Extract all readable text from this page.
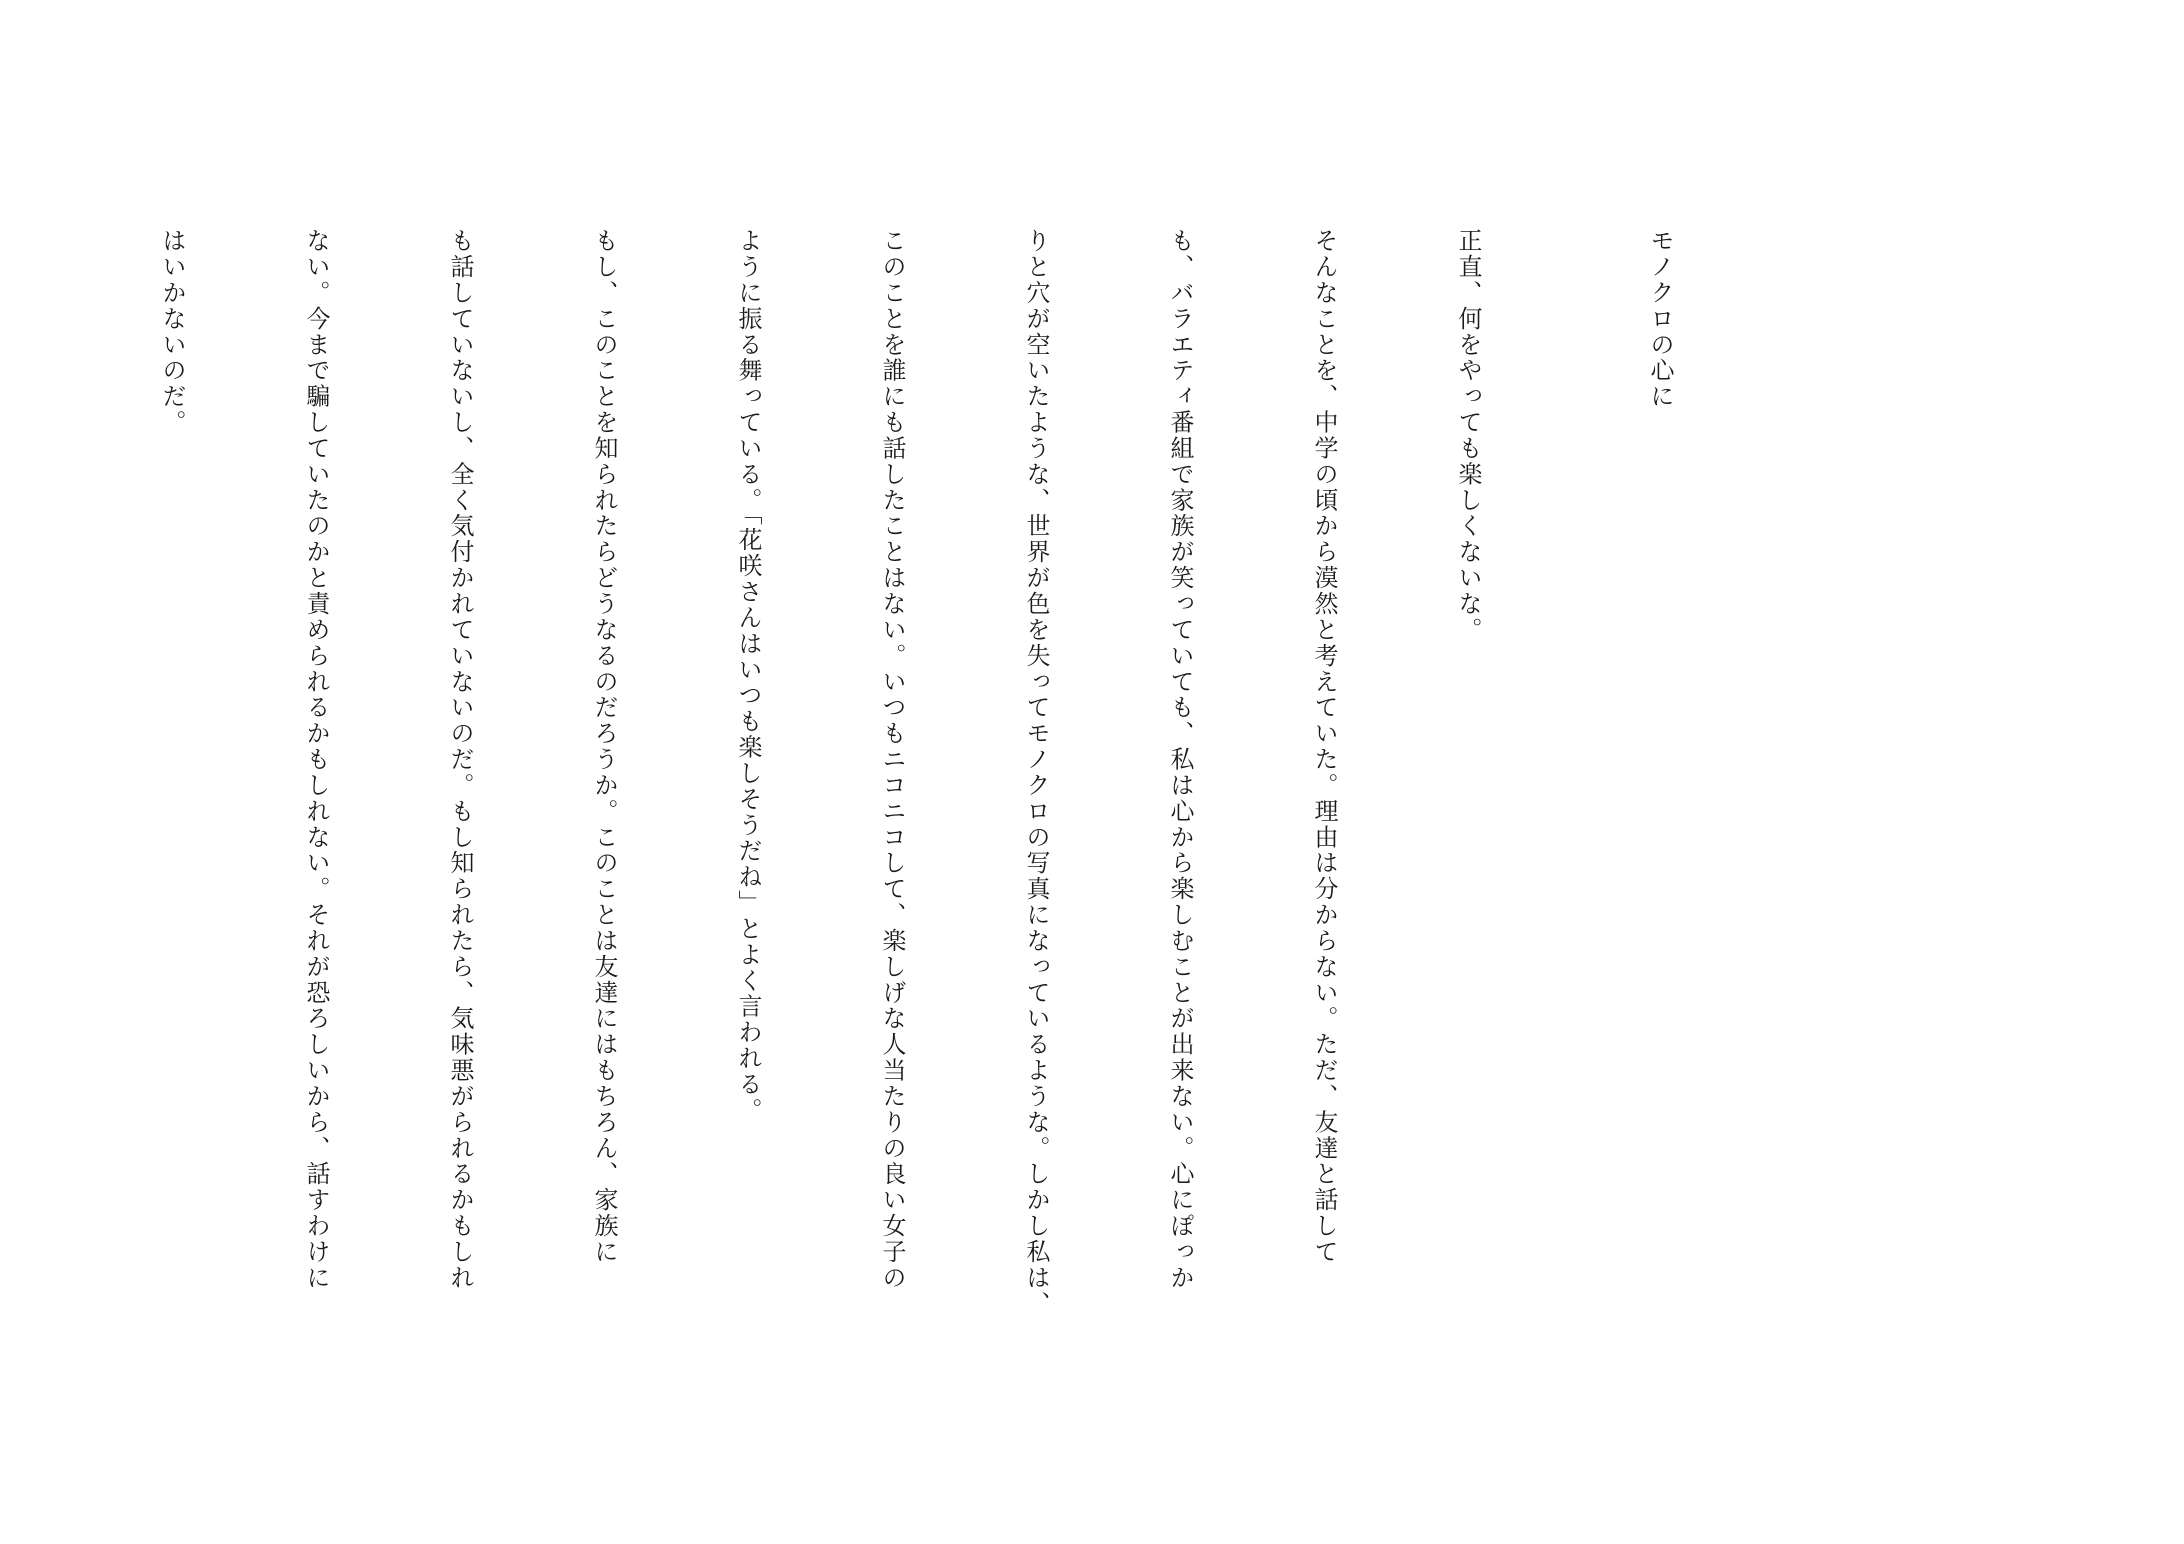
モノクロの心に

正直、何をやっても楽しくないな。

そんなことを、中学の頃から漠然と考えていた。理由は分からない。ただ、友達と話して

も、バラエティ番組で家族が笑っていても、私は心から楽しむことが出来ない。心にぽっか

りと穴が空いたような、世界が色を失ってモノクロの写真になっているような。しかし私は、

このことを誰にも話したことはない。いつもニコニコして、楽しげな人当たりの良い女子の

ように振る舞っている。「花咲さんはいつも楽しそうだね」とよく言われる。

もし、このことを知られたらどうなるのだろうか。このことは友達にはもちろん、家族に

も話していないし、全く気付かれていないのだ。もし知られたら、気味悪がられるかもしれ

ない。今まで騙していたのかと責められるかもしれない。それが恐ろしいから、話すわけに

はいかないのだ。
